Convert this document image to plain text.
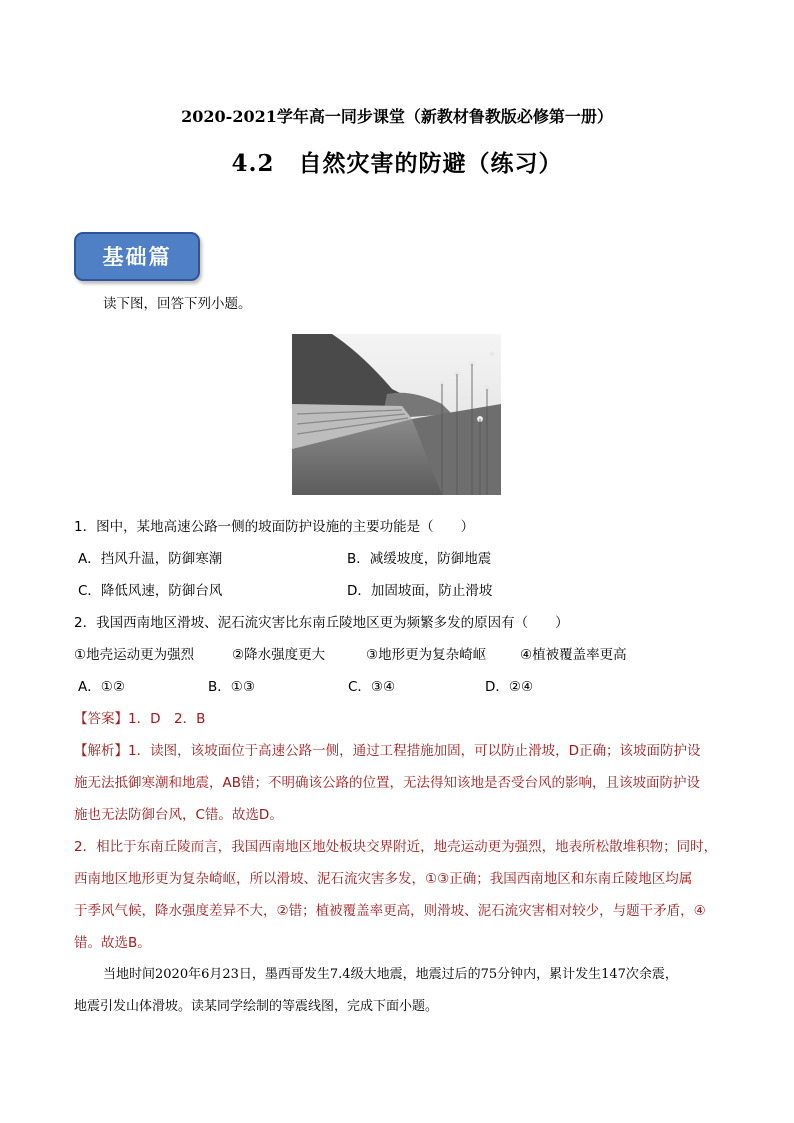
2020-2021学年高一同步课堂（新教材鲁教版必修第一册）
4.2　自然灾害的防避（练习）
基础篇
读下图，回答下列小题。
1．图中，某地高速公路一侧的坡面防护设施的主要功能是（　　）
A．挡风升温，防御寒潮	B．减缓坡度，防御地震
C．降低风速，防御台风	D．加固坡面，防止滑坡
2．我国西南地区滑坡、泥石流灾害比东南丘陵地区更为频繁多发的原因有（　　）
①地壳运动更为强烈	②降水强度更大	③地形更为复杂崎岖	④植被覆盖率更高
A．①②	B．①③	C．③④	D．②④
【答案】1．D　2．B
【解析】1．读图，该坡面位于高速公路一侧，通过工程措施加固，可以防止滑坡，D正确；该坡面防护设
施无法抵御寒潮和地震，AB错；不明确该公路的位置，无法得知该地是否受台风的影响，且该坡面防护设
施也无法防御台风，C错。故选D。
2．相比于东南丘陵而言，我国西南地区地处板块交界附近，地壳运动更为强烈，地表所松散堆积物；同时，
西南地区地形更为复杂崎岖，所以滑坡、泥石流灾害多发，①③正确；我国西南地区和东南丘陵地区均属
于季风气候，降水强度差异不大，②错；植被覆盖率更高，则滑坡、泥石流灾害相对较少，与题干矛盾，④
错。故选B。
当地时间2020年6月23日，墨西哥发生7.4级大地震，地震过后的75分钟内，累计发生147次余震，
地震引发山体滑坡。读某同学绘制的等震线图，完成下面小题。
